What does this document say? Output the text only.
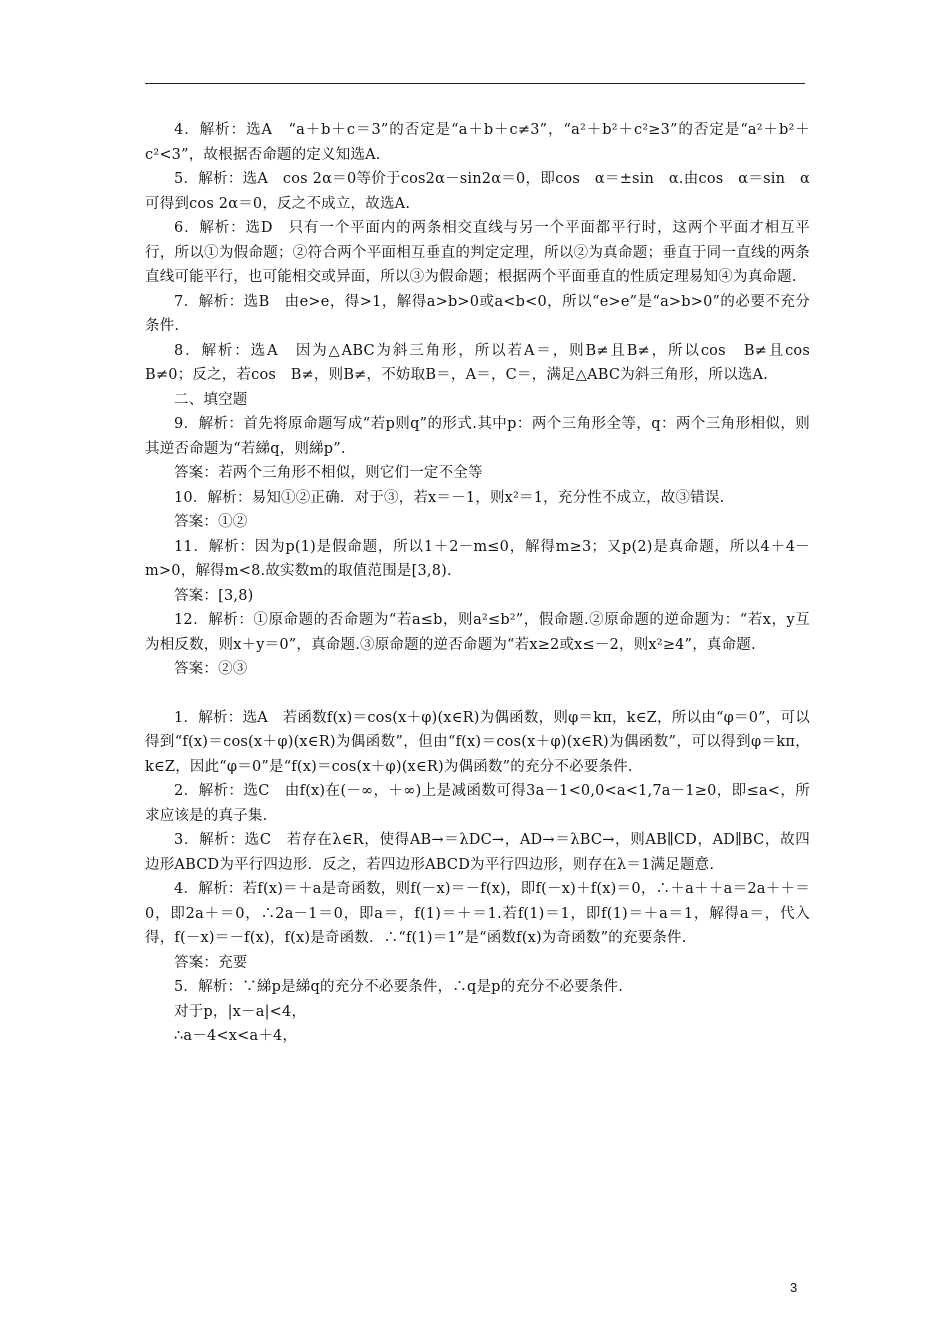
4．解析：选A　“a＋b＋c＝3”的否定是“a＋b＋c≠3”，“a²＋b²＋c²≥3”的否定是“a²＋b²＋c²<3”，故根据否命题的定义知选A.

5．解析：选A　cos 2α＝0等价于cos2α－sin2α＝0，即cos　α＝±sin　α.由cos　α＝sin　α可得到cos 2α＝0，反之不成立，故选A.

6．解析：选D　只有一个平面内的两条相交直线与另一个平面都平行时，这两个平面才相互平行，所以①为假命题；②符合两个平面相互垂直的判定定理，所以②为真命题；垂直于同一直线的两条直线可能平行，也可能相交或异面，所以③为假命题；根据两个平面垂直的性质定理易知④为真命题.

7．解析：选B　由e>e，得>1，解得a>b>0或a<b<0，所以“e>e”是“a>b>0”的必要不充分条件.

8．解析：选A　因为△ABC为斜三角形，所以若A＝，则B≠且B≠，所以cos　B≠且cos　B≠0；反之，若cos　B≠，则B≠，不妨取B＝，A＝，C＝，满足△ABC为斜三角形，所以选A.

二、填空题

9．解析：首先将原命题写成“若p则q”的形式.其中p：两个三角形全等，q：两个三角形相似，则其逆否命题为“若綈q，则綈p”.

答案：若两个三角形不相似，则它们一定不全等

10．解析：易知①②正确．对于③，若x＝－1，则x²＝1，充分性不成立，故③错误.

答案：①②

11．解析：因为p(1)是假命题，所以1＋2－m≤0，解得m≥3；又p(2)是真命题，所以4＋4－m>0，解得m<8.故实数m的取值范围是[3,8).

答案：[3,8)

12．解析：①原命题的否命题为“若a≤b，则a²≤b²”，假命题.②原命题的逆命题为：“若x，y互为相反数，则x＋y＝0”，真命题.③原命题的逆否命题为“若x≥2或x≤－2，则x²≥4”，真命题.

答案：②③

1．解析：选A　若函数f(x)＝cos(x＋φ)(x∈R)为偶函数，则φ＝kπ，k∈Z，所以由“φ＝0”，可以得到“f(x)＝cos(x＋φ)(x∈R)为偶函数”，但由“f(x)＝cos(x＋φ)(x∈R)为偶函数”，可以得到φ＝kπ，k∈Z，因此“φ＝0”是“f(x)＝cos(x＋φ)(x∈R)为偶函数”的充分不必要条件.

2．解析：选C　由f(x)在(－∞，＋∞)上是减函数可得3a－1<0,0<a<1,7a－1≥0，即≤a<，所求应该是的真子集.

3．解析：选C　若存在λ∈R，使得AB→＝λDC→，AD→＝λBC→，则AB∥CD，AD∥BC，故四边形ABCD为平行四边形．反之，若四边形ABCD为平行四边形，则存在λ＝1满足题意.

4．解析：若f(x)＝＋a是奇函数，则f(－x)＝－f(x)，即f(－x)＋f(x)＝0，∴＋a＋＋a＝2a＋＋＝0，即2a＋＝0，∴2a－1＝0，即a＝，f(1)＝＋＝1.若f(1)＝1，即f(1)＝＋a＝1，解得a＝，代入得，f(－x)＝－f(x)，f(x)是奇函数．∴“f(1)＝1”是“函数f(x)为奇函数”的充要条件.

答案：充要

5．解析：∵綈p是綈q的充分不必要条件，∴q是p的充分不必要条件.

对于p，|x－a|<4，

∴a－4<x<a＋4，

3
